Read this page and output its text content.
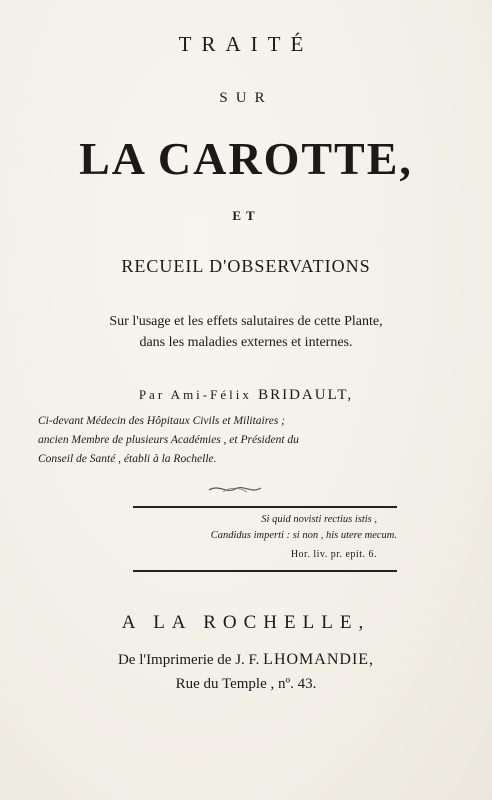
TRAITÉ
SUR
LA CAROTTE,
ET
RECUEIL D'OBSERVATIONS
Sur l'usage et les effets salutaires de cette Plante,
dans les maladies externes et internes.
Par Ami-Félix BRIDAULT,
Ci-devant Médecin des Hôpitaux Civils et Militaires ;
ancien Membre de plusieurs Académies , et Président du
Conseil de Santé , établi à la Rochelle.
Si quid novisti rectius istis ,
Candidus imperti : si non , his utere mecum.
Hor. liv. pr. epit. 6.
A LA ROCHELLE,
De l'Imprimerie de J. F. LHOMANDIE,
Rue du Temple , nº. 43.
